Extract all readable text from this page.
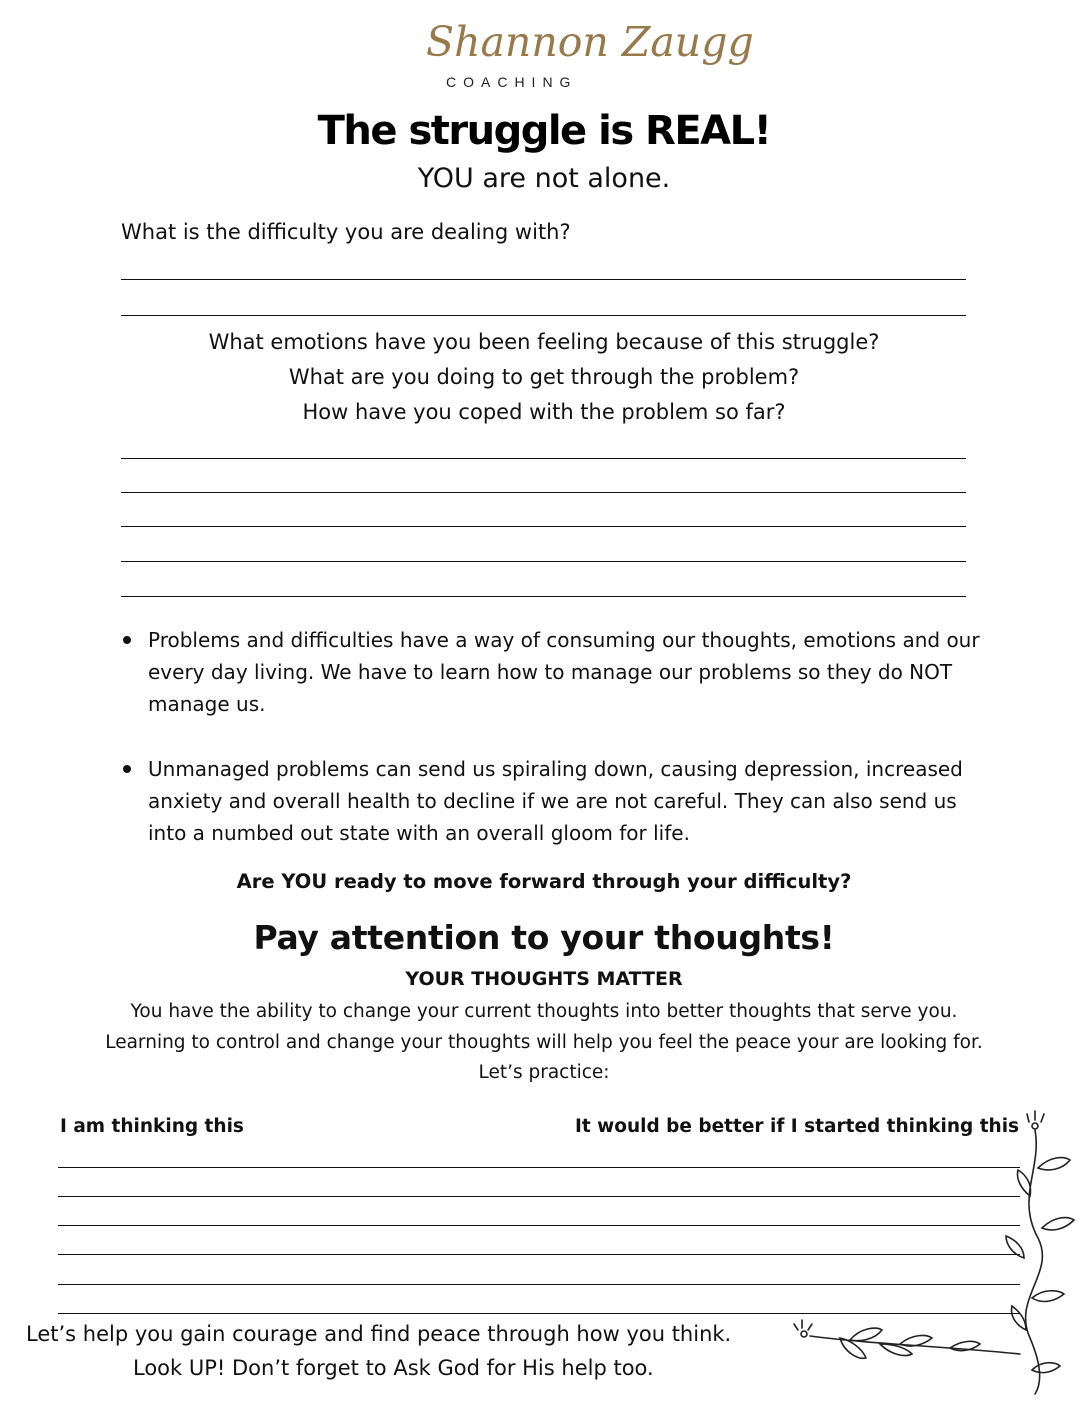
Shannon Zaugg
COACHING
The struggle is REAL!
YOU are not alone.
What is the difficulty you are dealing with?
What emotions have you been feeling because of this struggle?
What are you doing to get through the problem?
How have you coped with the problem so far?
Problems and difficulties have a way of consuming our thoughts, emotions and our every day living. We have to learn how to manage our problems so they do NOT manage us.
Unmanaged problems can send us spiraling down, causing depression, increased anxiety and overall health to decline if we are not careful. They can also send us into a numbed out state with an overall gloom for life.
Are YOU ready to move forward through your difficulty?
Pay attention to your thoughts!
YOUR THOUGHTS MATTER
You have the ability to change your current thoughts into better thoughts that serve you.
Learning to control and change your thoughts will help you feel the peace your are looking for.
Let’s practice:
I am thinking this	It would be better if I started thinking this
Let’s help you gain courage and find peace through how you think.
Look UP! Don’t forget to Ask God for His help too.
